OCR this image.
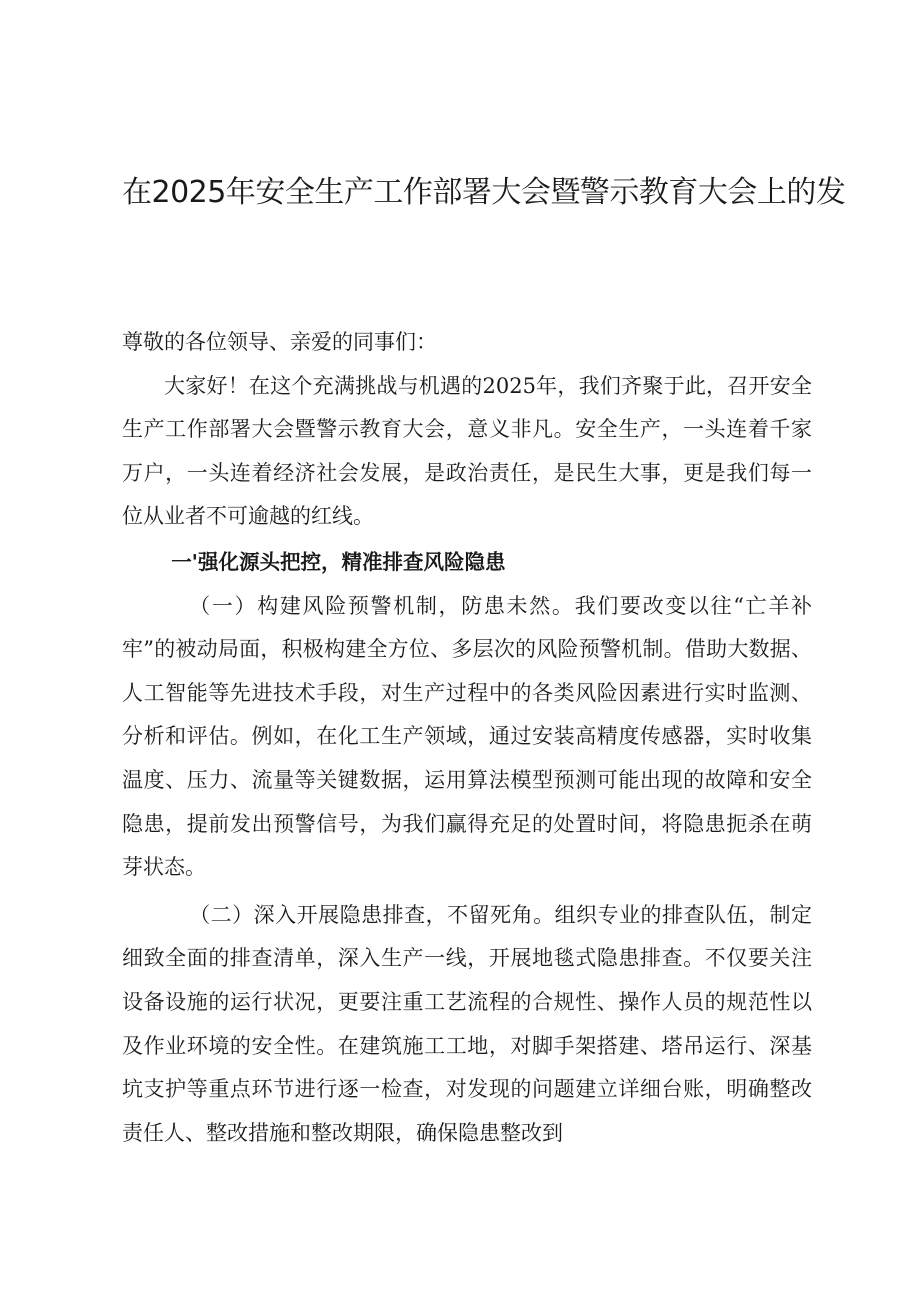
在2025年安全生产工作部署大会暨警示教育大会上的发

尊敬的各位领导、亲爱的同事们：

大家好！在这个充满挑战与机遇的2025年，我们齐聚于此，召开安全生产工作部署大会暨警示教育大会，意义非凡。安全生产，一头连着千家万户，一头连着经济社会发展，是政治责任，是民生大事，更是我们每一位从业者不可逾越的红线。

一'强化源头把控，精准排查风险隐患

（一）构建风险预警机制，防患未然。我们要改变以往“亡羊补牢”的被动局面，积极构建全方位、多层次的风险预警机制。借助大数据、人工智能等先进技术手段，对生产过程中的各类风险因素进行实时监测、分析和评估。例如，在化工生产领域，通过安装高精度传感器，实时收集温度、压力、流量等关键数据，运用算法模型预测可能出现的故障和安全隐患，提前发出预警信号，为我们赢得充足的处置时间，将隐患扼杀在萌芽状态。

（二）深入开展隐患排查，不留死角。组织专业的排查队伍，制定细致全面的排查清单，深入生产一线，开展地毯式隐患排查。不仅要关注设备设施的运行状况，更要注重工艺流程的合规性、操作人员的规范性以及作业环境的安全性。在建筑施工工地，对脚手架搭建、塔吊运行、深基坑支护等重点环节进行逐一检查，对发现的问题建立详细台账，明确整改责任人、整改措施和整改期限，确保隐患整改到
